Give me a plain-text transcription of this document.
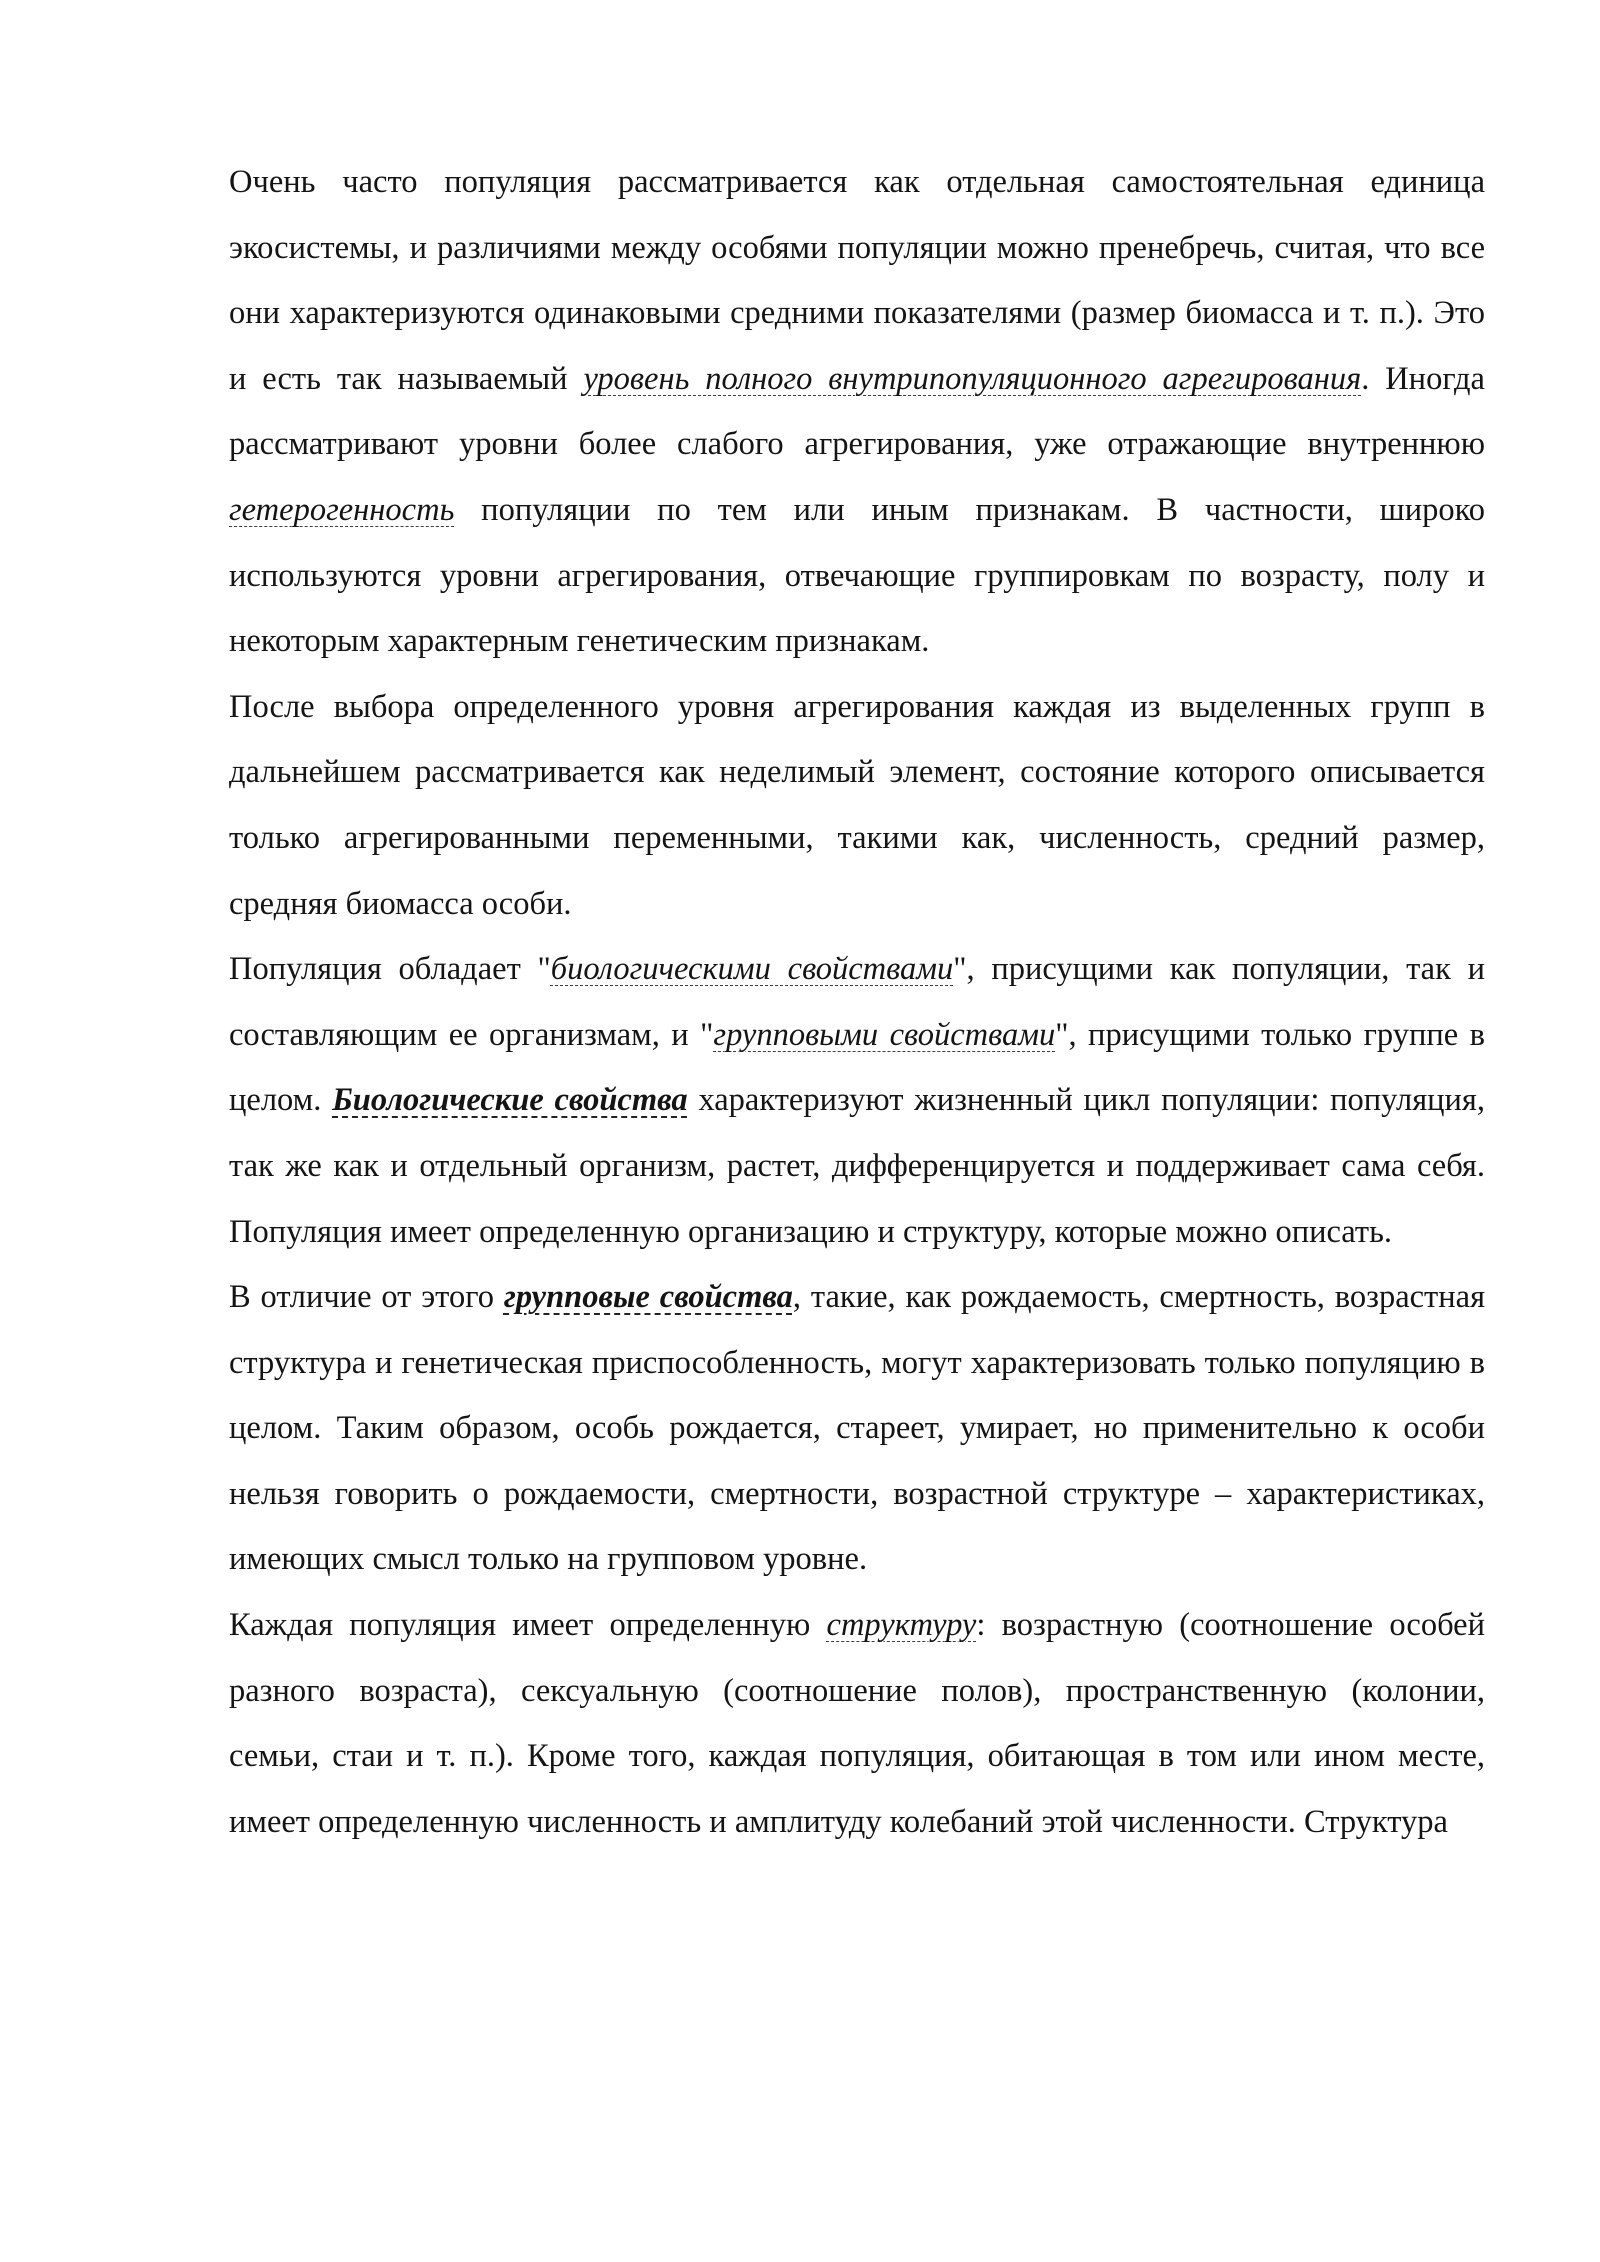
Очень часто популяция рассматривается как отдельная самостоятельная единица экосистемы, и различиями между особями популяции можно пренебречь, считая, что все они характеризуются одинаковыми средними показателями (размер биомасса и т. п.). Это и есть так называемый уровень полного внутрипопуляционного агрегирования. Иногда рассматривают уровни более слабого агрегирования, уже отражающие внутреннюю гетерогенность популяции по тем или иным признакам. В частности, широко используются уровни агрегирования, отвечающие группировкам по возрасту, полу и некоторым характерным генетическим признакам.

После выбора определенного уровня агрегирования каждая из выделенных групп в дальнейшем рассматривается как неделимый элемент, состояние которого описывается только агрегированными переменными, такими как, численность, средний размер, средняя биомасса особи.

Популяция обладает "биологическими свойствами", присущими как популяции, так и составляющим ее организмам, и "групповыми свойствами", присущими только группе в целом. Биологические свойства характеризуют жизненный цикл популяции: популяция, так же как и отдельный организм, растет, дифференцируется и поддерживает сама себя. Популяция имеет определенную организацию и структуру, которые можно описать.

В отличие от этого групповые свойства, такие, как рождаемость, смертность, возрастная структура и генетическая приспособленность, могут характеризовать только популяцию в целом. Таким образом, особь рождается, стареет, умирает, но применительно к особи нельзя говорить о рождаемости, смертности, возрастной структуре – характеристиках, имеющих смысл только на групповом уровне.

Каждая популяция имеет определенную структуру: возрастную (соотношение особей разного возраста), сексуальную (соотношение полов), пространственную (колонии, семьи, стаи и т. п.). Кроме того, каждая популяция, обитающая в том или ином месте, имеет определенную численность и амплитуду колебаний этой численности. Структура
